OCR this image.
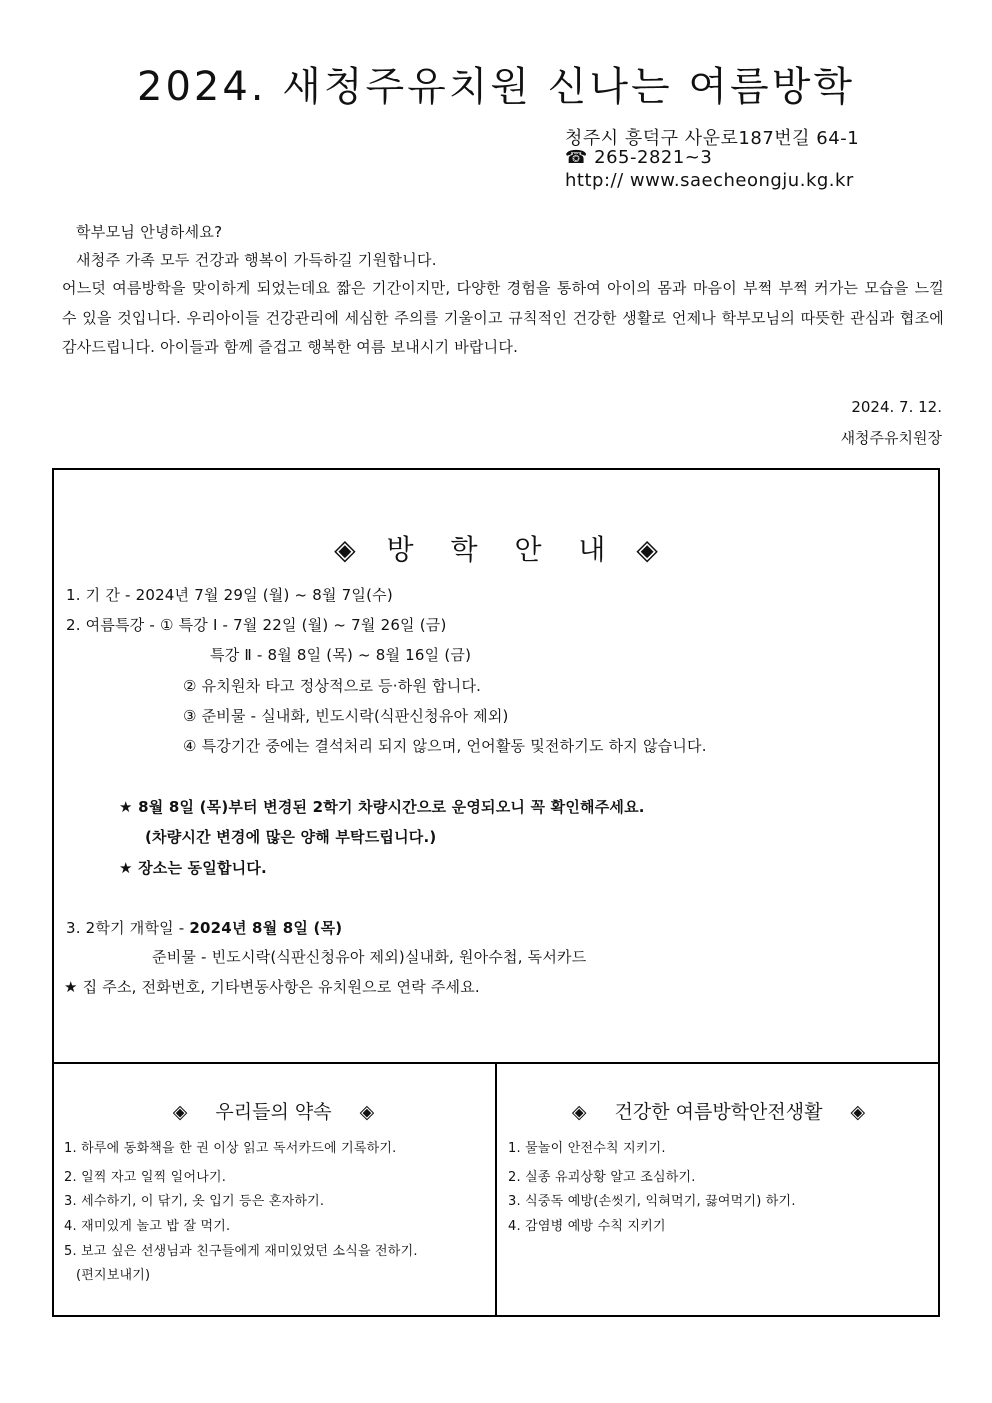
2024. 새청주유치원 신나는 여름방학
청주시 흥덕구 사운로187번길 64-1
☎ 265-2821~3
http:// www.saecheongju.kg.kr
학부모님 안녕하세요?
새청주 가족 모두 건강과 행복이 가득하길 기원합니다.
어느덧 여름방학을 맞이하게 되었는데요 짧은 기간이지만, 다양한 경험을 통하여 아이의 몸과 마음이 부쩍 부쩍 커가는 모습을 느낄 수 있을 것입니다. 우리아이들 건강관리에 세심한 주의를 기울이고 규칙적인 건강한 생활로 언제나 학부모님의 따뜻한 관심과 협조에 감사드립니다. 아이들과 함께 즐겁고 행복한 여름 보내시기 바랍니다.
2024. 7. 12.
새청주유치원장
◈ 방 학 안 내 ◈
1. 기 간 - 2024년 7월 29일 (월) ~ 8월 7일(수)
2. 여름특강 - ① 특강 Ⅰ - 7월 22일 (월) ~ 7월 26일 (금)
특강 Ⅱ - 8월 8일 (목) ~ 8월 16일 (금)
② 유치원차 타고 정상적으로 등·하원 합니다.
③ 준비물 - 실내화, 빈도시락(식판신청유아 제외)
④ 특강기간 중에는 결석처리 되지 않으며, 언어활동 및전하기도 하지 않습니다.
★ 8월 8일 (목)부터 변경된 2학기 차량시간으로 운영되오니 꼭 확인해주세요.
(차량시간 변경에 많은 양해 부탁드립니다.)
★ 장소는 동일합니다.
3. 2학기 개학일 - 2024년 8월 8일 (목)
준비물 - 빈도시락(식판신청유아 제외)실내화, 원아수첩, 독서카드
★ 집 주소, 전화번호, 기타변동사항은 유치원으로 연락 주세요.
◈ 우리들의 약속 ◈
1. 하루에 동화책을 한 권 이상 읽고 독서카드에 기록하기.
2. 일찍 자고 일찍 일어나기.
3. 세수하기, 이 닦기, 옷 입기 등은 혼자하기.
4. 재미있게 놀고 밥 잘 먹기.
5. 보고 싶은 선생님과 친구들에게 재미있었던 소식을 전하기.
(편지보내기)
◈ 건강한 여름방학안전생활 ◈
1. 물놀이 안전수칙 지키기.
2. 실종 유괴상황 알고 조심하기.
3. 식중독 예방(손씻기, 익혀먹기, 끓여먹기) 하기.
4. 감염병 예방 수칙 지키기
